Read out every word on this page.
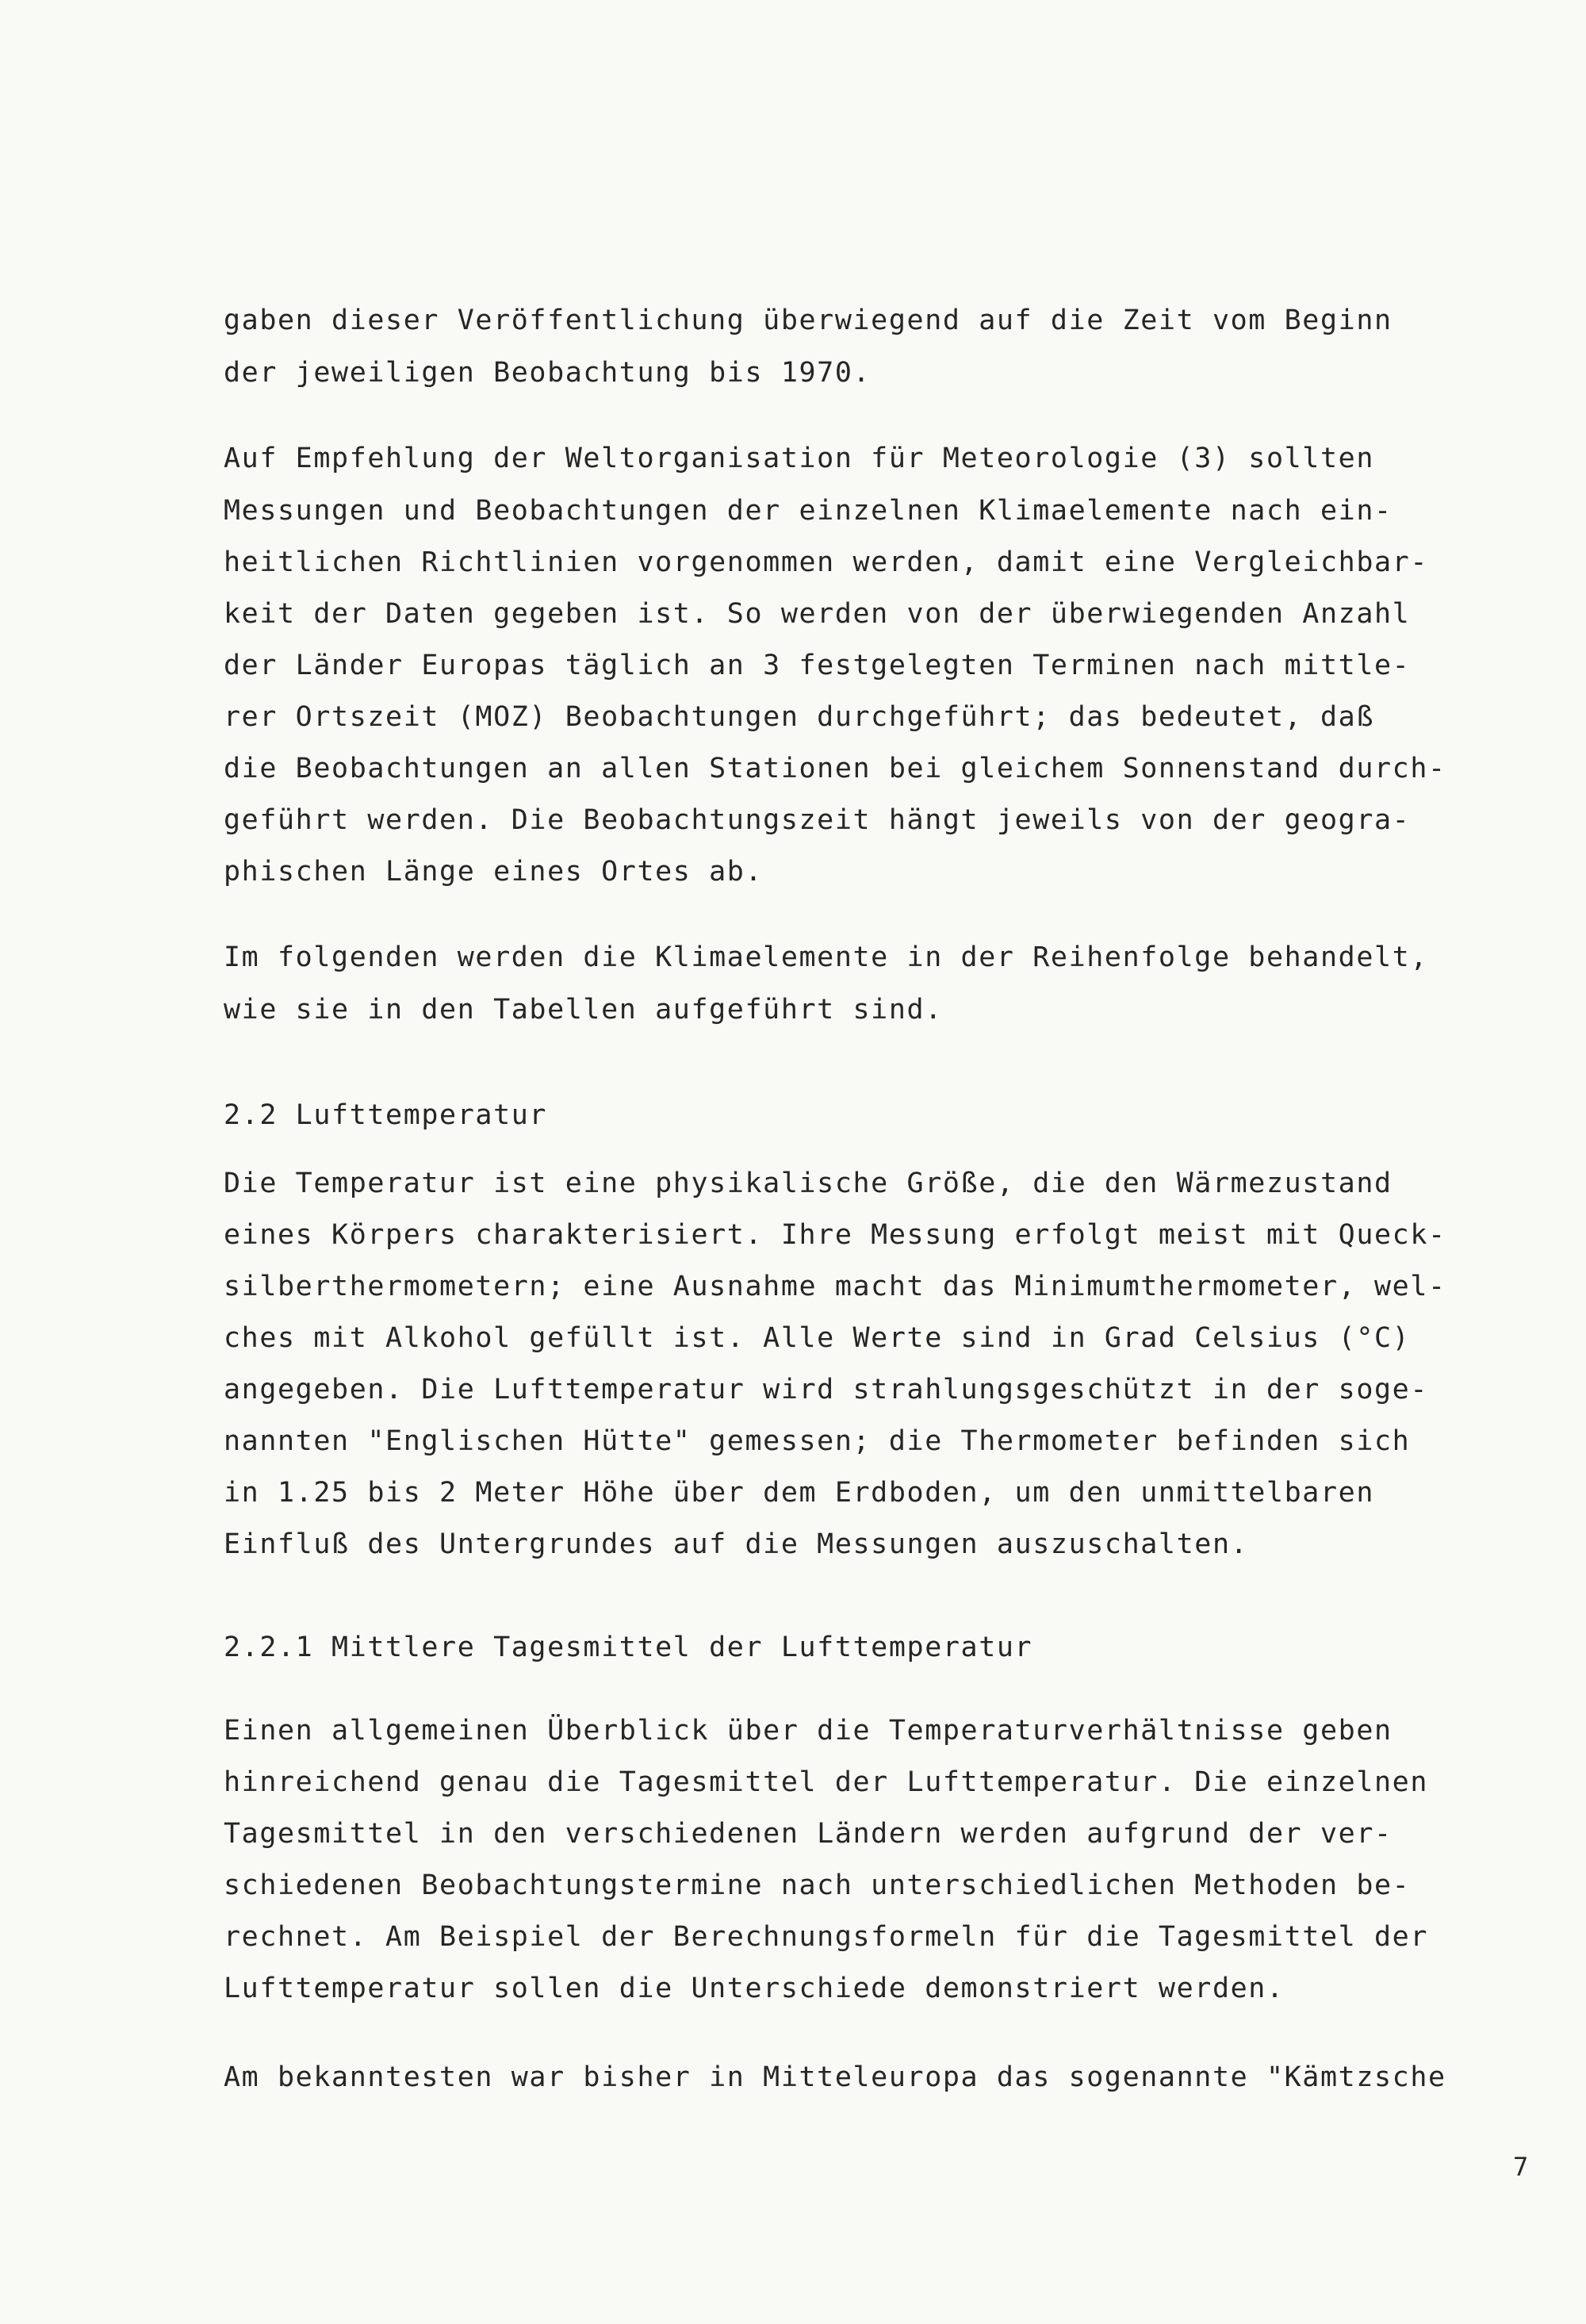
gaben dieser Veröffentlichung überwiegend auf die Zeit vom Beginn
der jeweiligen Beobachtung bis 1970.
Auf Empfehlung der Weltorganisation für Meteorologie (3) sollten
Messungen und Beobachtungen der einzelnen Klimaelemente nach ein-
heitlichen Richtlinien vorgenommen werden, damit eine Vergleichbar-
keit der Daten gegeben ist. So werden von der überwiegenden Anzahl
der Länder Europas täglich an 3 festgelegten Terminen nach mittle-
rer Ortszeit (MOZ) Beobachtungen durchgeführt; das bedeutet, daß
die Beobachtungen an allen Stationen bei gleichem Sonnenstand durch-
geführt werden. Die Beobachtungszeit hängt jeweils von der geogra-
phischen Länge eines Ortes ab.
Im folgenden werden die Klimaelemente in der Reihenfolge behandelt,
wie sie in den Tabellen aufgeführt sind.
2.2 Lufttemperatur
Die Temperatur ist eine physikalische Größe, die den Wärmezustand
eines Körpers charakterisiert. Ihre Messung erfolgt meist mit Queck-
silberthermometern; eine Ausnahme macht das Minimumthermometer, wel-
ches mit Alkohol gefüllt ist. Alle Werte sind in Grad Celsius (°C)
angegeben. Die Lufttemperatur wird strahlungsgeschützt in der soge-
nannten "Englischen Hütte" gemessen; die Thermometer befinden sich
in 1.25 bis 2 Meter Höhe über dem Erdboden, um den unmittelbaren
Einfluß des Untergrundes auf die Messungen auszuschalten.
2.2.1 Mittlere Tagesmittel der Lufttemperatur
Einen allgemeinen Überblick über die Temperaturverhältnisse geben
hinreichend genau die Tagesmittel der Lufttemperatur. Die einzelnen
Tagesmittel in den verschiedenen Ländern werden aufgrund der ver-
schiedenen Beobachtungstermine nach unterschiedlichen Methoden be-
rechnet. Am Beispiel der Berechnungsformeln für die Tagesmittel der
Lufttemperatur sollen die Unterschiede demonstriert werden.
Am bekanntesten war bisher in Mitteleuropa das sogenannte "Kämtzsche
7
